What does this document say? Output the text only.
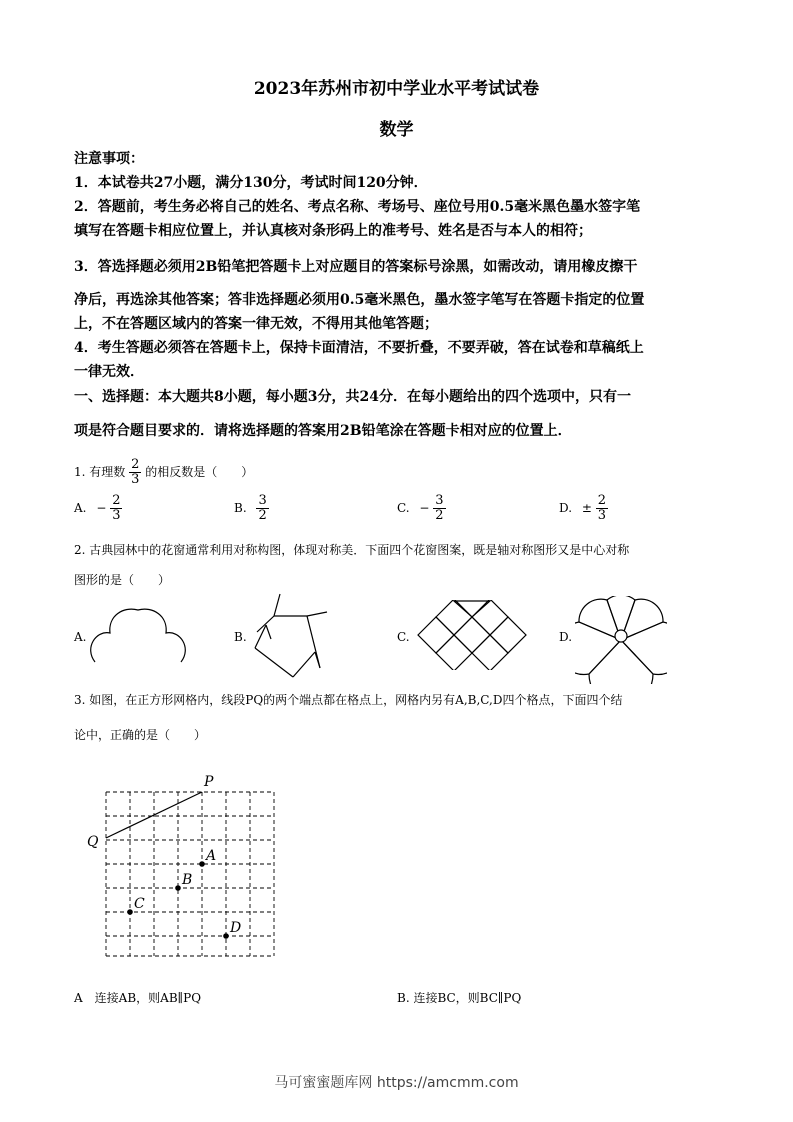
2023年苏州市初中学业水平考试试卷
数学
注意事项：
1．本试卷共27小题，满分130分，考试时间120分钟．
2．答题前，考生务必将自己的姓名、考点名称、考场号、座位号用0.5毫米黑色墨水签字笔
填写在答题卡相应位置上，并认真核对条形码上的准考号、姓名是否与本人的相符；
3．答选择题必须用2B铅笔把答题卡上对应题目的答案标号涂黑，如需改动，请用橡皮擦干
净后，再选涂其他答案；答非选择题必须用0.5毫米黑色，墨水签字笔写在答题卡指定的位置
上，不在答题区域内的答案一律无效，不得用其他笔答题；
4．考生答题必须答在答题卡上，保持卡面清洁，不要折叠，不要弄破，答在试卷和草稿纸上
一律无效．
一、选择题：本大题共8小题，每小题3分，共24分．在每小题给出的四个选项中，只有一
项是符合题目要求的．请将选择题的答案用2B铅笔涂在答题卡相对应的位置上．
1. 有理数 $\frac{2}{3}$ 的相反数是（　　）
A. − $\frac{2}{3}$	B. $\frac{3}{2}$	C. − $\frac{3}{2}$	D. ± $\frac{2}{3}$
2. 古典园林中的花窗通常利用对称构图，体现对称美．下面四个花窗图案，既是轴对称图形又是中心对称
图形的是（　　）
A.	B.	C.	D.
3. 如图，在正方形网格内，线段PQ的两个端点都在格点上，网格内另有A,B,C,D四个格点，下面四个结
论中，正确的是（　　）
P
Q
A
B
C
D
A　连接AB，则AB∥PQ	B. 连接BC，则BC∥PQ
马可蜜蜜题库网 https://amcmm.com
